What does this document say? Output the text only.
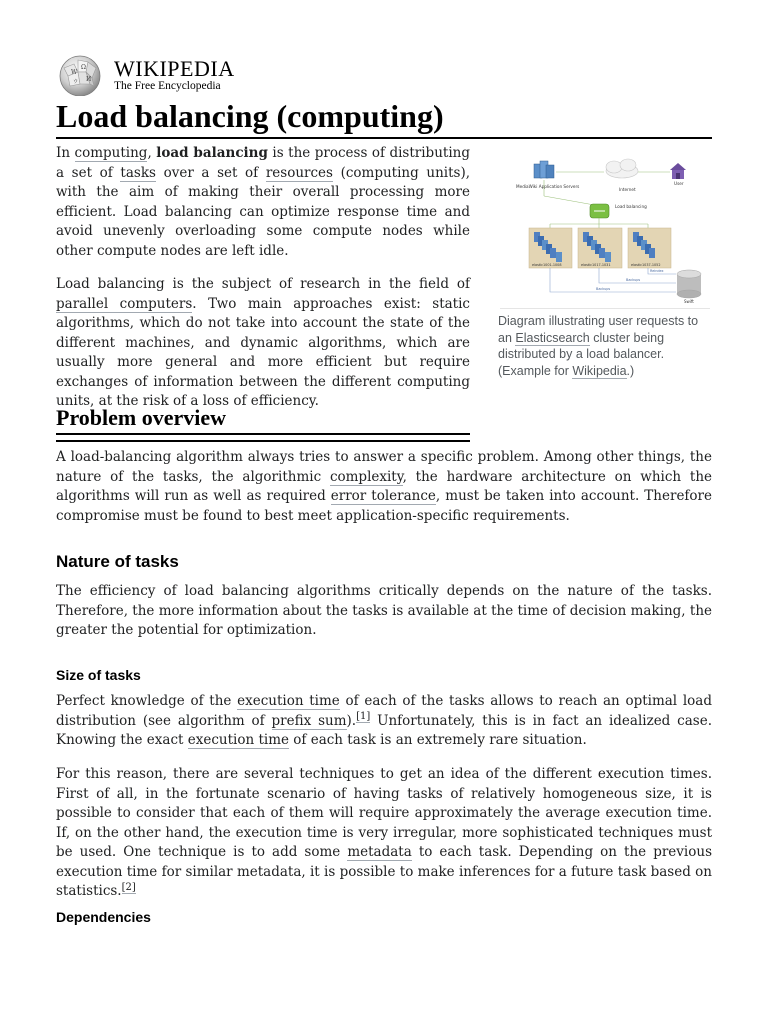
W
Ω
И
ウ
WIKIPEDIA
The Free Encyclopedia
Load balancing (computing)

In computing, load balancing is the process of distributing a set of tasks over a set of resources (computing units), with the aim of making their overall processing more efficient. Load balancing can optimize response time and avoid unevenly overloading some compute nodes while other compute nodes are left idle.

Load balancing is the subject of research in the field of parallel computers. Two main approaches exist: static algorithms, which do not take into account the state of the different machines, and dynamic algorithms, which are usually more general and more efficient but require exchanges of information between the different computing units, at the risk of a loss of efficiency.

MediaWiki Application Servers
Internet
User
Load balancing
elastic1001-1008	elastic1017-1031	elastic1037-1052
Reindex
Backups
Backups
Swift
Diagram illustrating user requests to an Elasticsearch cluster being distributed by a load balancer. (Example for Wikipedia.)
Problem overview

A load-balancing algorithm always tries to answer a specific problem. Among other things, the nature of the tasks, the algorithmic complexity, the hardware architecture on which the algorithms will run as well as required error tolerance, must be taken into account. Therefore compromise must be found to best meet application-specific requirements.

Nature of tasks

The efficiency of load balancing algorithms critically depends on the nature of the tasks. Therefore, the more information about the tasks is available at the time of decision making, the greater the potential for optimization.

Size of tasks

Perfect knowledge of the execution time of each of the tasks allows to reach an optimal load distribution (see algorithm of prefix sum).[1] Unfortunately, this is in fact an idealized case. Knowing the exact execution time of each task is an extremely rare situation.

For this reason, there are several techniques to get an idea of the different execution times. First of all, in the fortunate scenario of having tasks of relatively homogeneous size, it is possible to consider that each of them will require approximately the average execution time. If, on the other hand, the execution time is very irregular, more sophisticated techniques must be used. One technique is to add some metadata to each task. Depending on the previous execution time for similar metadata, it is possible to make inferences for a future task based on statistics.[2]

Dependencies
